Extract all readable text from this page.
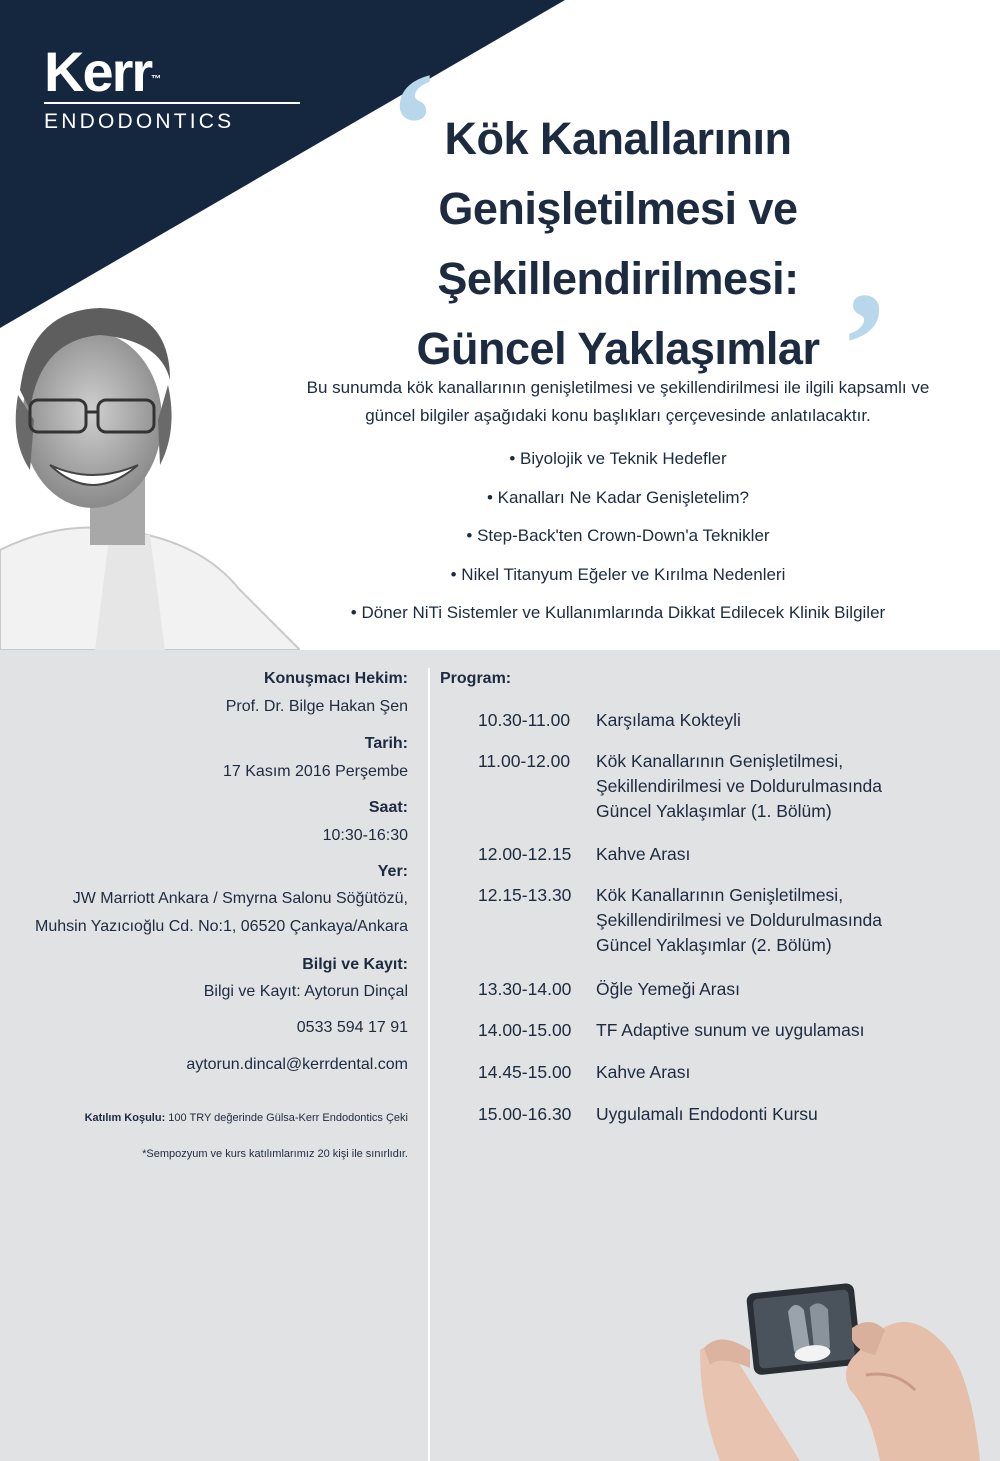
Kerr™
ENDODONTICS	‘
’
Kök Kanallarının
Genişletilmesi ve
Şekillendirilmesi:
Güncel Yaklaşımlar
Bu sunumda kök kanallarının genişletilmesi ve şekillendirilmesi ile ilgili kapsamlı ve
güncel bilgiler aşağıdaki konu başlıkları çerçevesinde anlatılacaktır.
• Biyolojik ve Teknik Hedefler
• Kanalları Ne Kadar Genişletelim?
• Step-Back'ten Crown-Down'a Teknikler
• Nikel Titanyum Eğeler ve Kırılma Nedenleri
• Döner NiTi Sistemler ve Kullanımlarında Dikkat Edilecek Klinik Bilgiler
Konuşmacı Hekim:
Prof. Dr. Bilge Hakan Şen
Tarih:
17 Kasım 2016 Perşembe
Saat:
10:30-16:30
Yer:
JW Marriott Ankara / Smyrna Salonu Söğütözü,
Muhsin Yazıcıoğlu Cd. No:1, 06520 Çankaya/Ankara
Bilgi ve Kayıt:
Bilgi ve Kayıt: Aytorun Dinçal
0533 594 17 91
aytorun.dincal@kerrdental.com
Katılım Koşulu: 100 TRY değerinde Gülsa-Kerr Endodontics Çeki
*Sempozyum ve kurs katılımlarımız 20 kişi ile sınırlıdır.
Program:
10.30-11.00	Karşılama Kokteyli
11.00-12.00	Kök Kanallarının Genişletilmesi,
Şekillendirilmesi ve Doldurulmasında
Güncel Yaklaşımlar (1. Bölüm)
12.00-12.15	Kahve Arası
12.15-13.30	Kök Kanallarının Genişletilmesi,
Şekillendirilmesi ve Doldurulmasında
Güncel Yaklaşımlar (2. Bölüm)
13.30-14.00	Öğle Yemeği Arası
14.00-15.00	TF Adaptive sunum ve uygulaması
14.45-15.00	Kahve Arası
15.00-16.30	Uygulamalı Endodonti Kursu
